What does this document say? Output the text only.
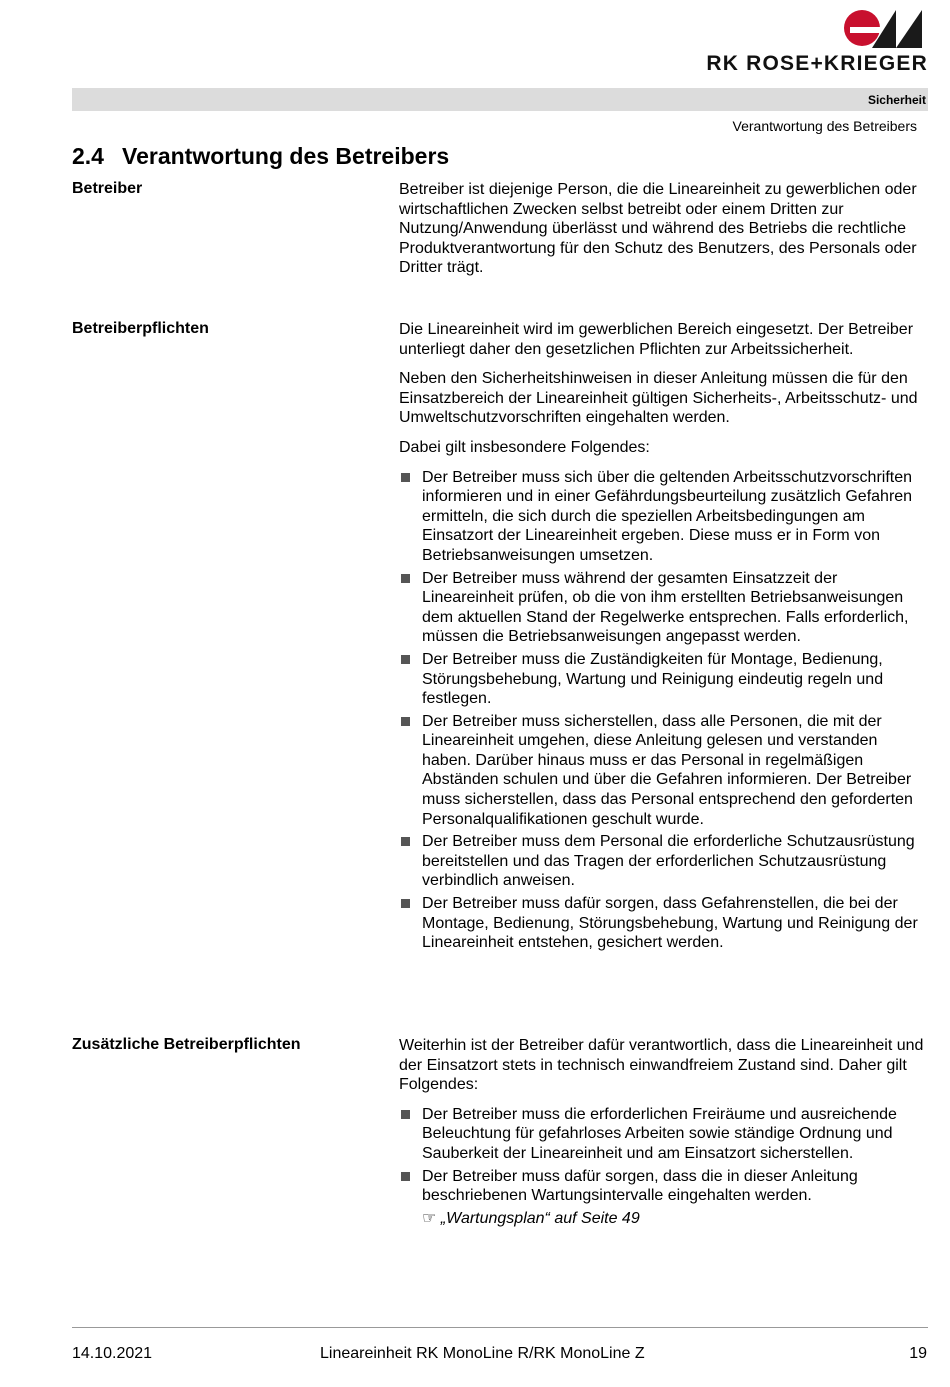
RK ROSE+KRIEGER
Sicherheit
Verantwortung des Betreibers
2.4 Verantwortung des Betreibers
Betreiber	Betreiber ist diejenige Person, die die Lineareinheit zu gewerblichen oder wirtschaftlichen Zwecken selbst betreibt oder einem Dritten zur Nutzung/Anwendung überlässt und während des Betriebs die rechtliche Produktverantwortung für den Schutz des Benutzers, des Personals oder Dritter trägt.

Betreiberpflichten	Die Lineareinheit wird im gewerblichen Bereich eingesetzt. Der Betreiber unterliegt daher den gesetzlichen Pflichten zur Arbeitssicherheit.

Neben den Sicherheitshinweisen in dieser Anleitung müssen die für den Einsatzbereich der Lineareinheit gültigen Sicherheits-, Arbeitsschutz- und Umweltschutzvorschriften eingehalten werden.

Dabei gilt insbesondere Folgendes:

Der Betreiber muss sich über die geltenden Arbeitsschutzvorschriften informieren und in einer Gefährdungsbeurteilung zusätzlich Gefahren ermitteln, die sich durch die speziellen Arbeitsbedingungen am Einsatzort der Lineareinheit ergeben. Diese muss er in Form von Betriebsanweisungen umsetzen.
Der Betreiber muss während der gesamten Einsatzzeit der Lineareinheit prüfen, ob die von ihm erstellten Betriebsanweisungen dem aktuellen Stand der Regelwerke entsprechen. Falls erforderlich, müssen die Betriebsanweisungen angepasst werden.
Der Betreiber muss die Zuständigkeiten für Montage, Bedienung, Störungsbehebung, Wartung und Reinigung eindeutig regeln und festlegen.
Der Betreiber muss sicherstellen, dass alle Personen, die mit der Lineareinheit umgehen, diese Anleitung gelesen und verstanden haben. Darüber hinaus muss er das Personal in regelmäßigen Abständen schulen und über die Gefahren informieren. Der Betreiber muss sicherstellen, dass das Personal entsprechend den geforderten Personalqualifikationen geschult wurde.
Der Betreiber muss dem Personal die erforderliche Schutzausrüstung bereitstellen und das Tragen der erforderlichen Schutzausrüstung verbindlich anweisen.
Der Betreiber muss dafür sorgen, dass Gefahrenstellen, die bei der Montage, Bedienung, Störungsbehebung, Wartung und Reinigung der Lineareinheit entstehen, gesichert werden.
Zusätzliche Betreiberpflichten	Weiterhin ist der Betreiber dafür verantwortlich, dass die Lineareinheit und der Einsatzort stets in technisch einwandfreiem Zustand sind. Daher gilt Folgendes:

Der Betreiber muss die erforderlichen Freiräume und ausreichende Beleuchtung für gefahrloses Arbeiten sowie ständige Ordnung und Sauberkeit der Lineareinheit und am Einsatzort sicherstellen.
Der Betreiber muss dafür sorgen, dass die in dieser Anleitung beschriebenen Wartungsintervalle eingehalten werden.
☞ „Wartungsplan“ auf Seite 49
14.10.2021	Lineareinheit RK MonoLine R/RK MonoLine Z	19
